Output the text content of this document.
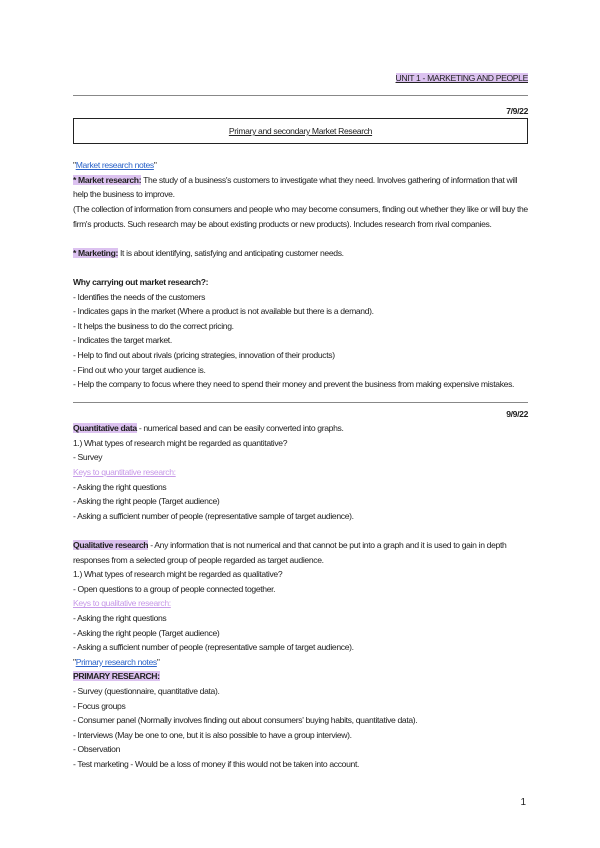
UNIT 1 - MARKETING AND PEOPLE
7/9/22
Primary and secondary Market Research
"Market research notes"
* Market research: The study of a business's customers to investigate what they need. Involves gathering of information that will
help the business to improve.
(The collection of information from consumers and people who may become consumers, finding out whether they like or will buy the
firm's products. Such research may be about existing products or new products). Includes research from rival companies.
* Marketing: It is about identifying, satisfying and anticipating customer needs.
Why carrying out market research?:
- Identifies the needs of the customers
- Indicates gaps in the market (Where a product is not available but there is a demand).
- It helps the business to do the correct pricing.
- Indicates the target market.
- Help to find out about rivals (pricing strategies, innovation of their products)
- Find out who your target audience is.
- Help the company to focus where they need to spend their money and prevent the business from making expensive mistakes.
9/9/22
Quantitative data - numerical based and can be easily converted into graphs.
1.) What types of research might be regarded as quantitative?
- Survey
Keys to quantitative research:
- Asking the right questions
- Asking the right people (Target audience)
- Asking a sufficient number of people (representative sample of target audience).
Qualitative research - Any information that is not numerical and that cannot be put into a graph and it is used to gain in depth
responses from a selected group of people regarded as target audience.
1.) What types of research might be regarded as qualitative?
- Open questions to a group of people connected together.
Keys to qualitative research:
- Asking the right questions
- Asking the right people (Target audience)
- Asking a sufficient number of people (representative sample of target audience).
"Primary research notes"
PRIMARY RESEARCH:
- Survey (questionnaire, quantitative data).
- Focus groups
- Consumer panel (Normally involves finding out about consumers' buying habits, quantitative data).
- Interviews (May be one to one, but it is also possible to have a group interview).
- Observation
- Test marketing - Would be a loss of money if this would not be taken into account.
1
